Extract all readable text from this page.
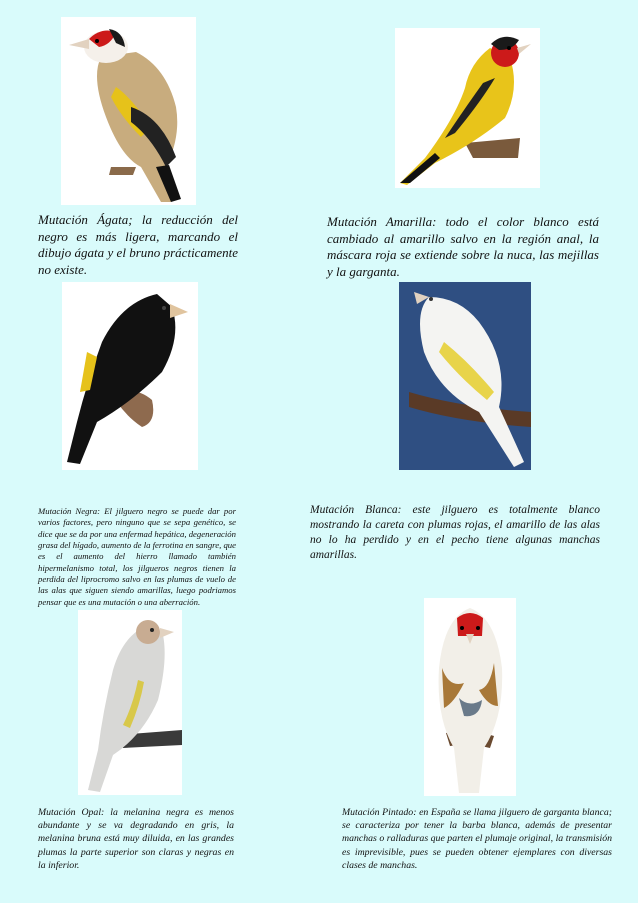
Mutación Ágata; la reducción del negro es más ligera, marcando el dibujo ágata y el bruno prácticamente no existe.
Mutación Amarilla: todo el color blanco está cambiado al amarillo salvo en la región anal, la máscara roja se extiende sobre la nuca, las mejillas y la garganta.
Mutación Negra: El jilguero negro se puede dar por varios factores, pero ninguno que se sepa genético, se dice que se da por una enfermad hepática, degeneración grasa del hígado, aumento de la ferrotina en sangre, que es el aumento del hierro llamado también hipermelanismo total, los jilgueros negros tienen la perdida del liprocromo salvo en las plumas de vuelo de las alas que siguen siendo amarillas, luego podriamos pensar que es una mutación o una aberración.
Mutación Blanca: este jilguero es totalmente blanco mostrando la careta con plumas rojas, el amarillo de las alas no lo ha perdido y en el pecho tiene algunas manchas amarillas.
Mutación Opal: la melanina negra es menos abundante y se va degradando en gris, la melanina bruna está muy diluida, en las grandes plumas la parte superior son claras y negras en la inferior.
Mutación Pintado: en España se llama jilguero de garganta blanca; se caracteriza por tener la barba blanca, además de presentar manchas o ralladuras que parten el plumaje original, la transmisión es imprevisible, pues se pueden obtener ejemplares con diversas clases de manchas.
